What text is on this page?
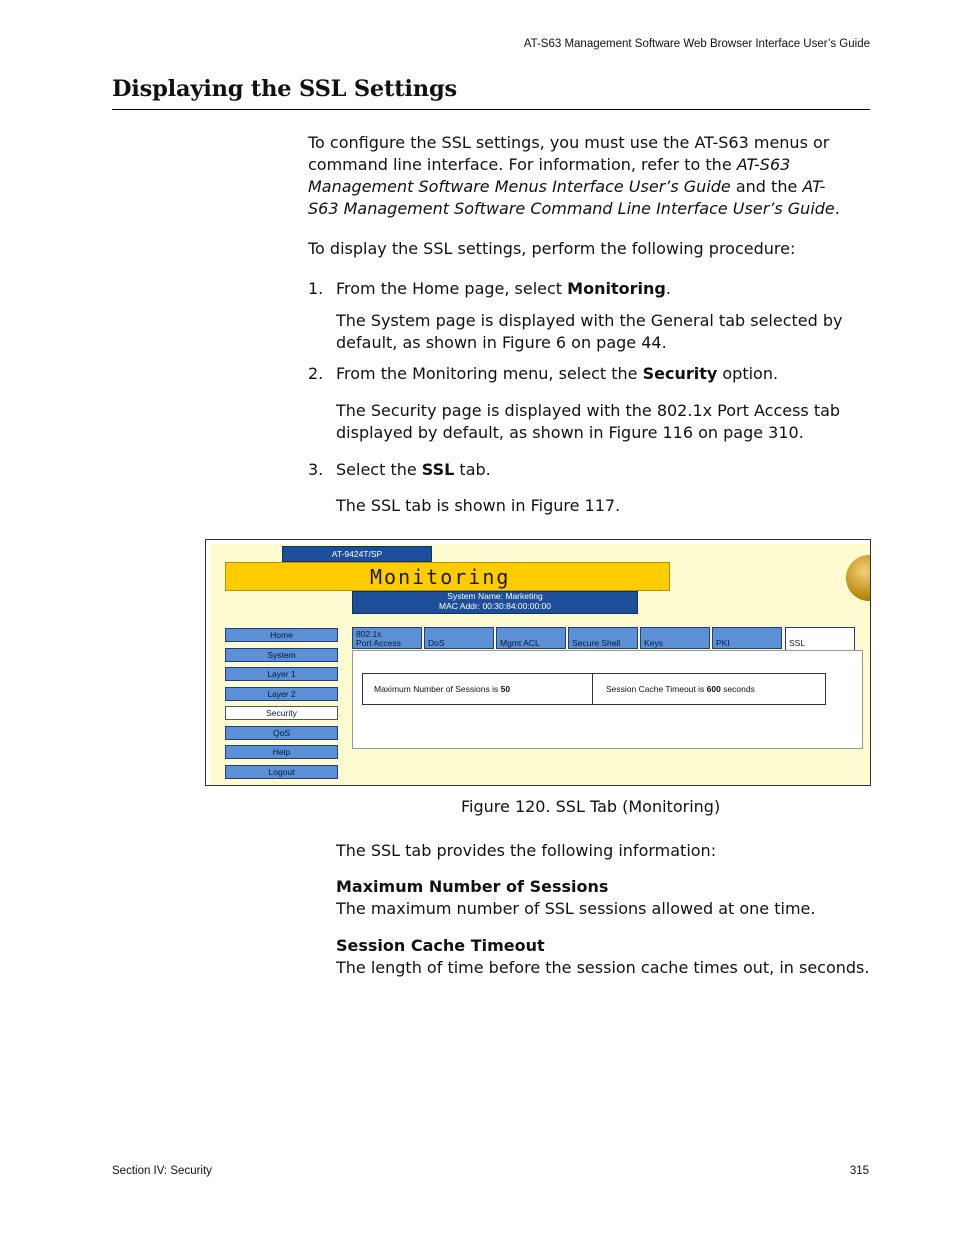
AT-S63 Management Software Web Browser Interface User’s Guide
Displaying the SSL Settings
To configure the SSL settings, you must use the AT-S63 menus or command line interface. For information, refer to the AT-S63 Management Software Menus Interface User’s Guide and the AT-S63 Management Software Command Line Interface User’s Guide.
To display the SSL settings, perform the following procedure:
1. From the Home page, select Monitoring.
The System page is displayed with the General tab selected by default, as shown in Figure 6 on page 44.
2. From the Monitoring menu, select the Security option.
The Security page is displayed with the 802.1x Port Access tab displayed by default, as shown in Figure 116 on page 310.
3. Select the SSL tab.
The SSL tab is shown in Figure 117.
AT-9424T/SP
Monitoring
System Name: Marketing
MAC Addr: 00:30:84:00:00:00
Home
System
Layer 1
Layer 2
Security
QoS
Help
Logout
802.1x
Port Access	DoS	Mgmt ACL	Secure Shell	Keys	PKI	SSL
Maximum Number of Sessions is 50	Session Cache Timeout is 600 seconds
Figure 120. SSL Tab (Monitoring)
The SSL tab provides the following information:
Maximum Number of Sessions
The maximum number of SSL sessions allowed at one time.
Session Cache Timeout
The length of time before the session cache times out, in seconds.
Section IV: Security	315
